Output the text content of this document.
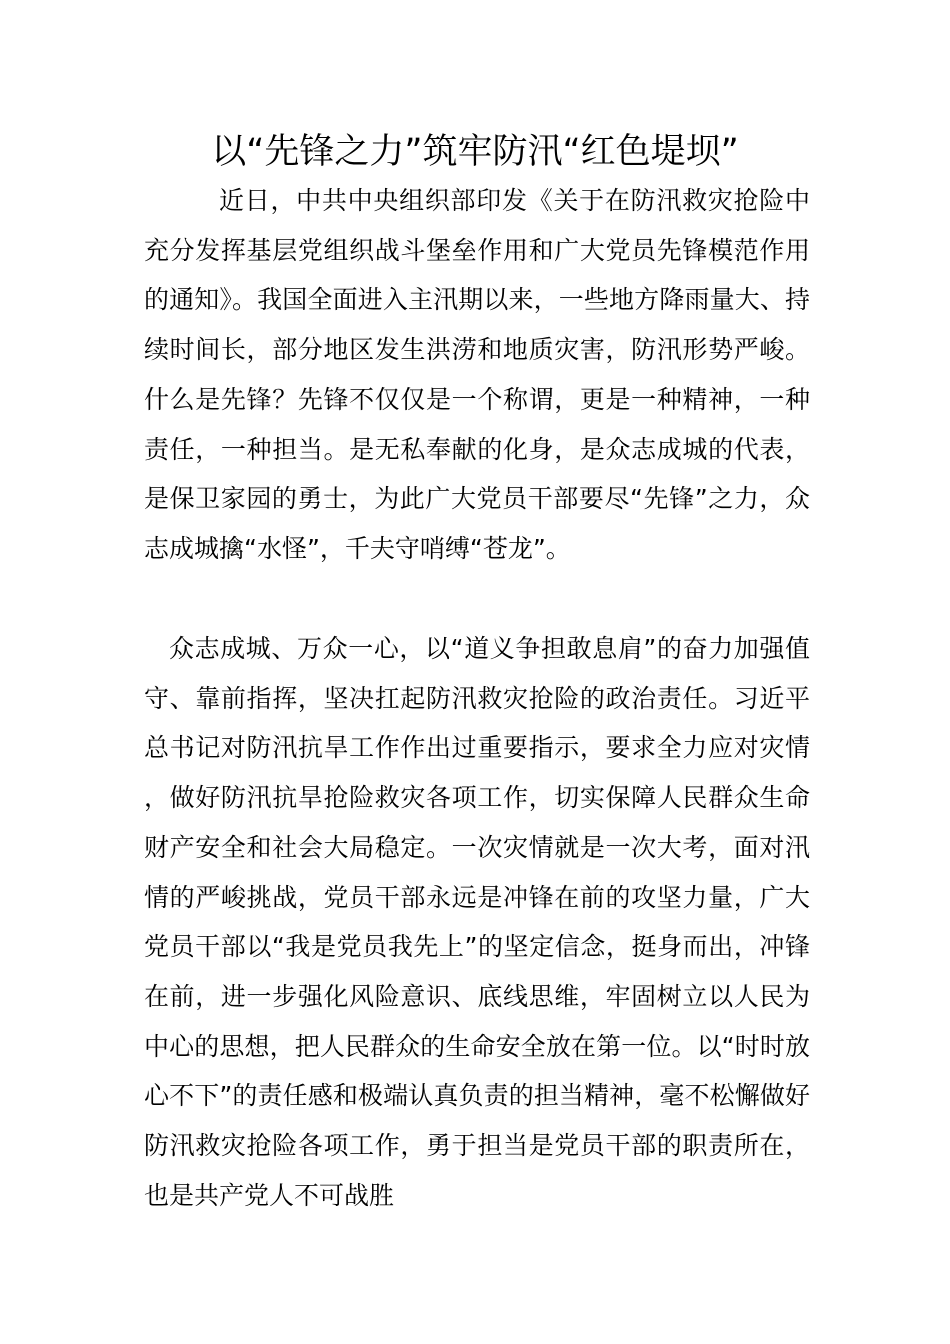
以“先锋之力”筑牢防汛“红色堤坝”

近日，中共中央组织部印发《关于在防汛救灾抢险中充分发挥基层党组织战斗堡垒作用和广大党员先锋模范作用的通知》。我国全面进入主汛期以来，一些地方降雨量大、持续时间长，部分地区发生洪涝和地质灾害，防汛形势严峻。什么是先锋？先锋不仅仅是一个称谓，更是一种精神，一种责任，一种担当。是无私奉献的化身，是众志成城的代表，是保卫家园的勇士，为此广大党员干部要尽“先锋”之力，众志成城擒“水怪”，千夫守哨缚“苍龙”。

众志成城、万众一心，以“道义争担敢息肩”的奋力加强值守、靠前指挥，坚决扛起防汛救灾抢险的政治责任。习近平总书记对防汛抗旱工作作出过重要指示，要求全力应对灾情，做好防汛抗旱抢险救灾各项工作，切实保障人民群众生命财产安全和社会大局稳定。一次灾情就是一次大考，面对汛情的严峻挑战，党员干部永远是冲锋在前的攻坚力量，广大党员干部以“我是党员我先上”的坚定信念，挺身而出，冲锋在前，进一步强化风险意识、底线思维，牢固树立以人民为中心的思想，把人民群众的生命安全放在第一位。以“时时放心不下”的责任感和极端认真负责的担当精神，毫不松懈做好防汛救灾抢险各项工作，勇于担当是党员干部的职责所在，也是共产党人不可战胜
